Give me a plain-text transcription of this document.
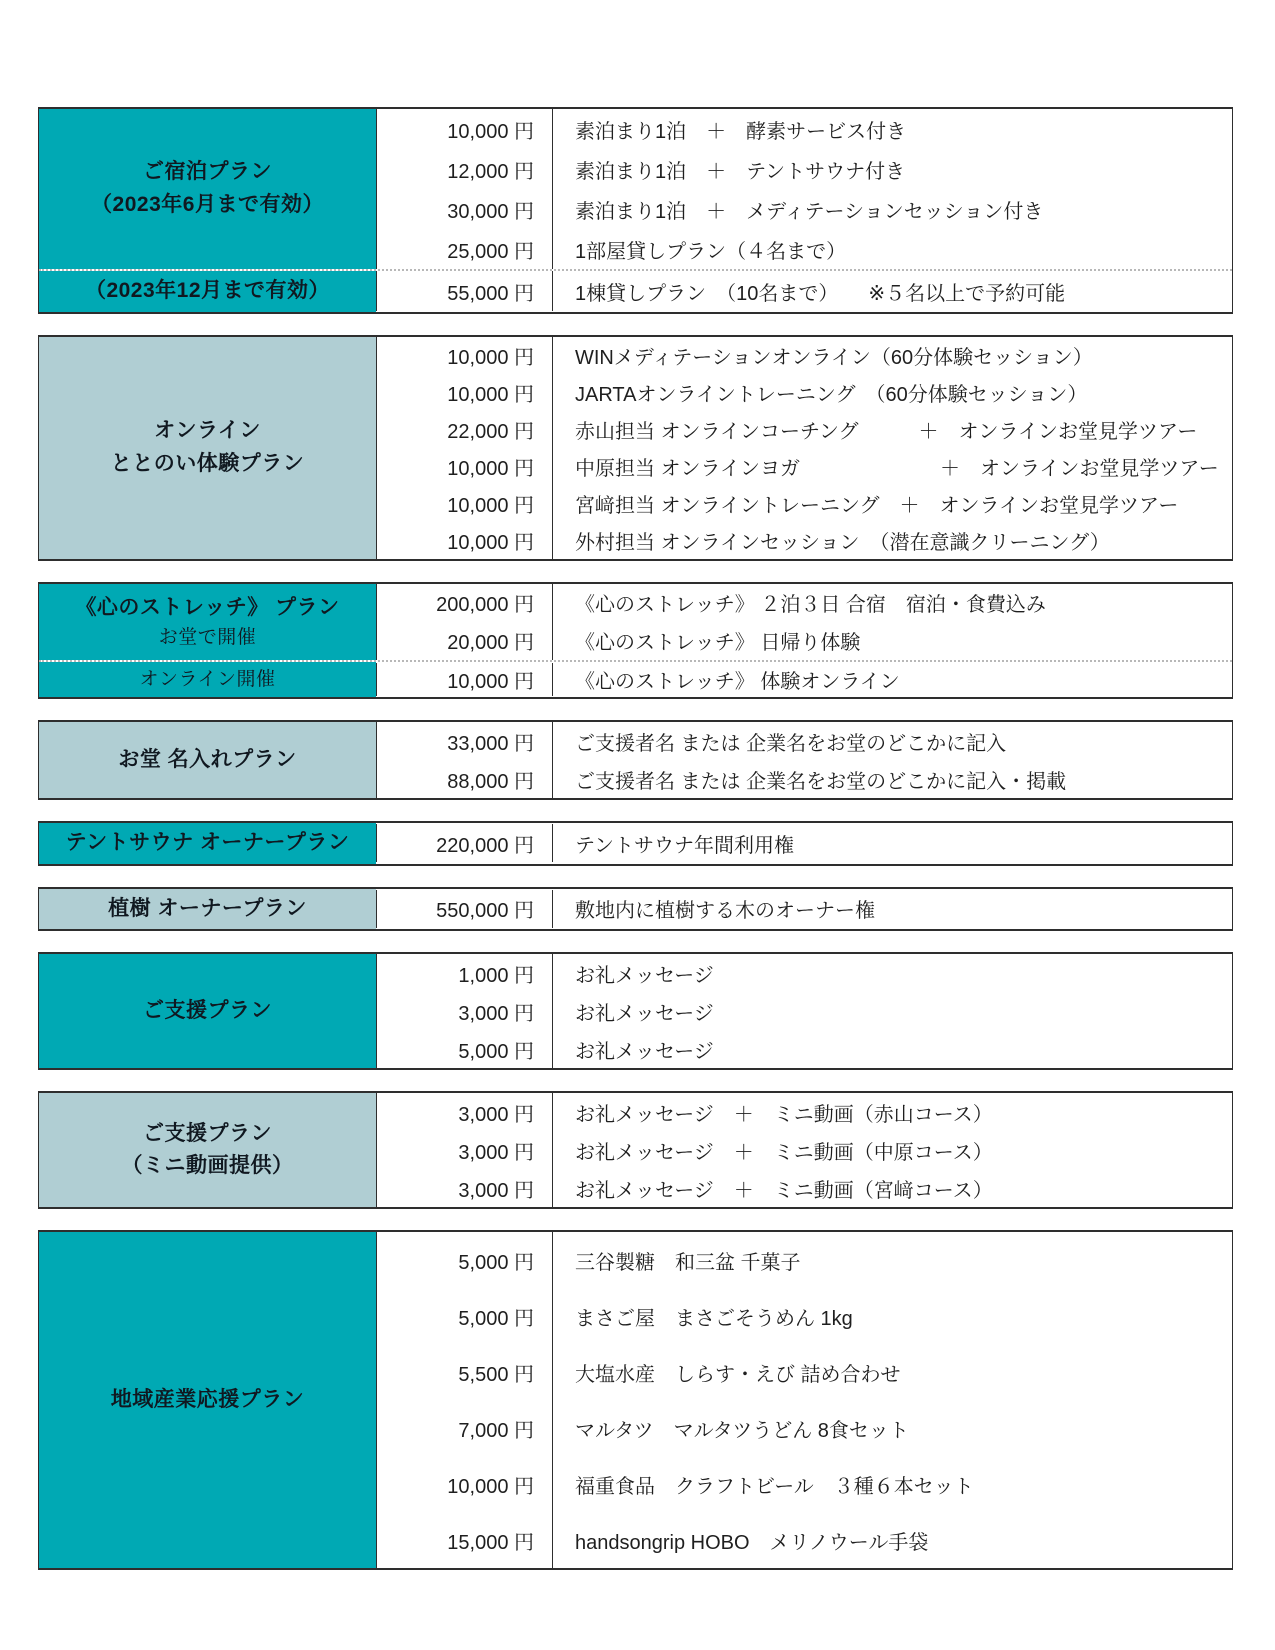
ご宿泊プラン
（2023年6月まで有効）
10,000 円	素泊まり1泊　＋　酵素サービス付き
12,000 円	素泊まり1泊　＋　テントサウナ付き
30,000 円	素泊まり1泊　＋　メディテーションセッション付き
25,000 円	1部屋貸しプラン（４名まで）
（2023年12月まで有効）	55,000 円	1棟貸しプラン　（10名まで）　　※５名以上で予約可能
オンライン
ととのい体験プラン
10,000 円	WINメディテーションオンライン（60分体験セッション）
10,000 円	JARTAオンライントレーニング　（60分体験セッション）
22,000 円	赤山担当 オンラインコーチング　　　＋　オンラインお堂見学ツアー
10,000 円	中原担当 オンラインヨガ　　　　　　　＋　オンラインお堂見学ツアー
10,000 円	宮﨑担当 オンライントレーニング　＋　オンラインお堂見学ツアー
10,000 円	外村担当 オンラインセッション　（潜在意識クリーニング）
《心のストレッチ》 プラン
お堂で開催
200,000 円	《心のストレッチ》 ２泊３日 合宿　宿泊・食費込み
20,000 円	《心のストレッチ》 日帰り体験
オンライン開催	10,000 円	《心のストレッチ》 体験オンライン
お堂 名入れプラン
33,000 円	ご支援者名 または 企業名をお堂のどこかに記入
88,000 円	ご支援者名 または 企業名をお堂のどこかに記入・掲載
テントサウナ オーナープラン	220,000 円	テントサウナ年間利用権
植樹 オーナープラン	550,000 円	敷地内に植樹する木のオーナー権
ご支援プラン
1,000 円	お礼メッセージ
3,000 円	お礼メッセージ
5,000 円	お礼メッセージ
ご支援プラン
（ミニ動画提供）
3,000 円	お礼メッセージ　＋　ミニ動画（赤山コース）
3,000 円	お礼メッセージ　＋　ミニ動画（中原コース）
3,000 円	お礼メッセージ　＋　ミニ動画（宮﨑コース）
地域産業応援プラン
5,000 円	三谷製糖　和三盆 千菓子
5,000 円	まさご屋　まさごそうめん 1kg
5,500 円	大塩水産　しらす・えび 詰め合わせ
7,000 円	マルタツ　マルタツうどん 8食セット
10,000 円	福重食品　クラフトビール　３種６本セット
15,000 円	handsongrip HOBO　メリノウール手袋
